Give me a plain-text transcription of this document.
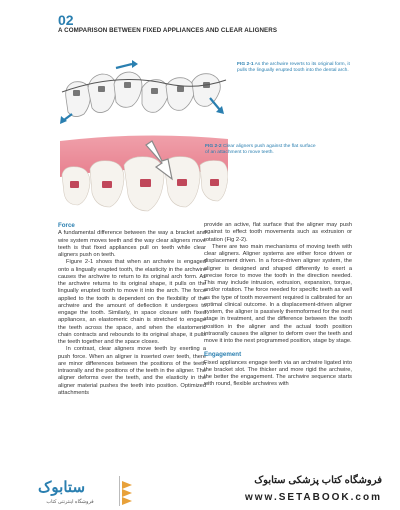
02
A COMPARISON BETWEEN FIXED APPLIANCES AND CLEAR ALIGNERS
FIG 2-1 As the archwire reverts to its original form, it pulls the lingually erupted tooth into the dental arch.
FIG 2-2 Clear aligners push against the flat surface of an attachment to move teeth.
Force

A fundamental difference between the way a bracket and wire system moves teeth and the way clear aligners move teeth is that fixed appliances pull on teeth while clear aligners push on teeth.

Figure 2-1 shows that when an archwire is engaged onto a lingually erupted tooth, the elasticity in the archwire causes the archwire to return to its original arch form. As the archwire returns to its original shape, it pulls on the lingually erupted tooth to move it into the arch. The force applied to the tooth is dependent on the flexibility of the archwire and the amount of deflection it undergoes to engage the tooth. Similarly, in space closure with fixed appliances, an elastomeric chain is stretched to engage the teeth across the space, and when the elastomeric chain contracts and rebounds to its original shape, it pulls the teeth together and the space closes.

In contrast, clear aligners move teeth by exerting a push force. When an aligner is inserted over teeth, there are minor differences between the positions of the teeth intraorally and the positions of the teeth in the aligner. The aligner deforms over the teeth, and the elasticity in the aligner material pushes the teeth into position. Optimized attachments

provide an active, flat surface that the aligner may push against to effect tooth movements such as extrusion or rotation (Fig 2-2).

There are two main mechanisms of moving teeth with clear aligners. Aligner systems are either force driven or displacement driven. In a force-driven aligner system, the aligner is designed and shaped differently to exert a precise force to move the tooth in the direction needed. This may include intrusion, extrusion, expansion, torque, and/or rotation. The force needed for specific teeth as well as the type of tooth movement required is calibrated for an optimal clinical outcome. In a displacement-driven aligner system, the aligner is passively thermoformed for the next stage in treatment, and the difference between the tooth position in the aligner and the actual tooth position intraorally causes the aligner to deform over the teeth and move it into the next programmed position, stage by stage.

Engagement

Fixed appliances engage teeth via an archwire ligated into the bracket slot. The thicker and more rigid the archwire, the better the engagement. The archwire sequence starts with round, flexible archwires with

ستابوک
فروشگاه اینترنتی کتاب
فروشگاه کتاب پزشکی ستابوک
www.SETABOOK.com
